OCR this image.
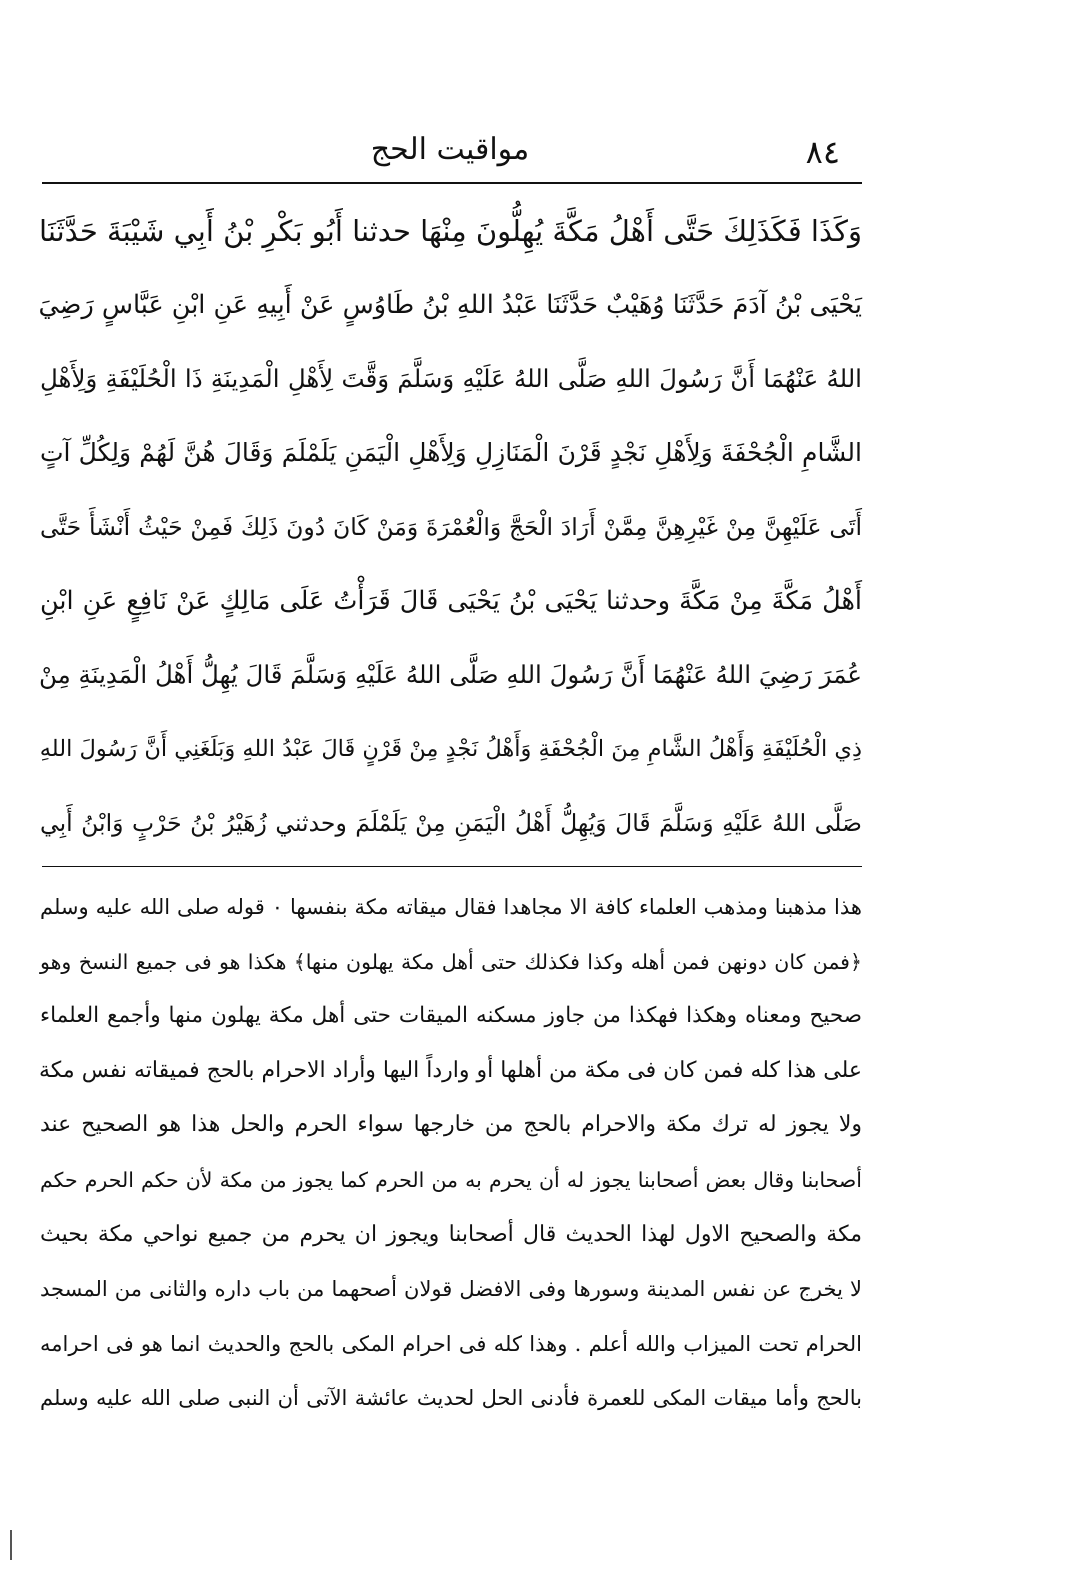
٨٤
مواقيت الحج
وَكَذَا فَكَذَلِكَ حَتَّى أَهْلُ مَكَّةَ يُهِلُّونَ مِنْهَا حدثنا أَبُو بَكْرِ بْنُ أَبِي شَيْبَةَ حَدَّثَنَا
يَحْيَى بْنُ آدَمَ حَدَّثَنَا وُهَيْبٌ حَدَّثَنَا عَبْدُ اللهِ بْنُ طَاوُسٍ عَنْ أَبِيهِ عَنِ ابْنِ عَبَّاسٍ رَضِيَ
اللهُ عَنْهُمَا أَنَّ رَسُولَ اللهِ صَلَّى اللهُ عَلَيْهِ وَسَلَّمَ وَقَّتَ لِأَهْلِ الْمَدِينَةِ ذَا الْحُلَيْفَةِ وَلِأَهْلِ
الشَّامِ الْجُحْفَةَ وَلِأَهْلِ نَجْدٍ قَرْنَ الْمَنَازِلِ وَلِأَهْلِ الْيَمَنِ يَلَمْلَمَ وَقَالَ هُنَّ لَهُمْ وَلِكُلِّ آتٍ
أَتَى عَلَيْهِنَّ مِنْ غَيْرِهِنَّ مِمَّنْ أَرَادَ الْحَجَّ وَالْعُمْرَةَ وَمَنْ كَانَ دُونَ ذَلِكَ فَمِنْ حَيْثُ أَنْشَأَ حَتَّى
أَهْلُ مَكَّةَ مِنْ مَكَّةَ وحدثنا يَحْيَى بْنُ يَحْيَى قَالَ قَرَأْتُ عَلَى مَالِكٍ عَنْ نَافِعٍ عَنِ ابْنِ
عُمَرَ رَضِيَ اللهُ عَنْهُمَا أَنَّ رَسُولَ اللهِ صَلَّى اللهُ عَلَيْهِ وَسَلَّمَ قَالَ يُهِلُّ أَهْلُ الْمَدِينَةِ مِنْ
ذِي الْحُلَيْفَةِ وَأَهْلُ الشَّامِ مِنَ الْجُحْفَةِ وَأَهْلُ نَجْدٍ مِنْ قَرْنٍ قَالَ عَبْدُ اللهِ وَبَلَغَنِي أَنَّ رَسُولَ اللهِ
صَلَّى اللهُ عَلَيْهِ وَسَلَّمَ قَالَ وَيُهِلُّ أَهْلُ الْيَمَنِ مِنْ يَلَمْلَمَ وحدثني زُهَيْرُ بْنُ حَرْبٍ وَابْنُ أَبِي
هذا مذهبنا ومذهب العلماء كافة الا مجاهدا فقال ميقاته مكة بنفسها ٠ قوله صلى الله عليه وسلم
﴿فمن كان دونهن فمن أهله وكذا فكذلك حتى أهل مكة يهلون منها﴾ هكذا هو فى جميع النسخ وهو
صحيح ومعناه وهكذا فهكذا من جاوز مسكنه الميقات حتى أهل مكة يهلون منها وأجمع العلماء
على هذا كله فمن كان فى مكة من أهلها أو وارداً اليها وأراد الاحرام بالحج فميقاته نفس مكة
ولا يجوز له ترك مكة والاحرام بالحج من خارجها سواء الحرم والحل هذا هو الصحيح عند
أصحابنا وقال بعض أصحابنا يجوز له أن يحرم به من الحرم كما يجوز من مكة لأن حكم الحرم حكم
مكة والصحيح الاول لهذا الحديث قال أصحابنا ويجوز ان يحرم من جميع نواحي مكة بحيث
لا يخرج عن نفس المدينة وسورها وفى الافضل قولان أصحهما من باب داره والثانى من المسجد
الحرام تحت الميزاب والله أعلم . وهذا كله فى احرام المكى بالحج والحديث انما هو فى احرامه
بالحج وأما ميقات المكى للعمرة فأدنى الحل لحديث عائشة الآتى أن النبى صلى الله عليه وسلم
